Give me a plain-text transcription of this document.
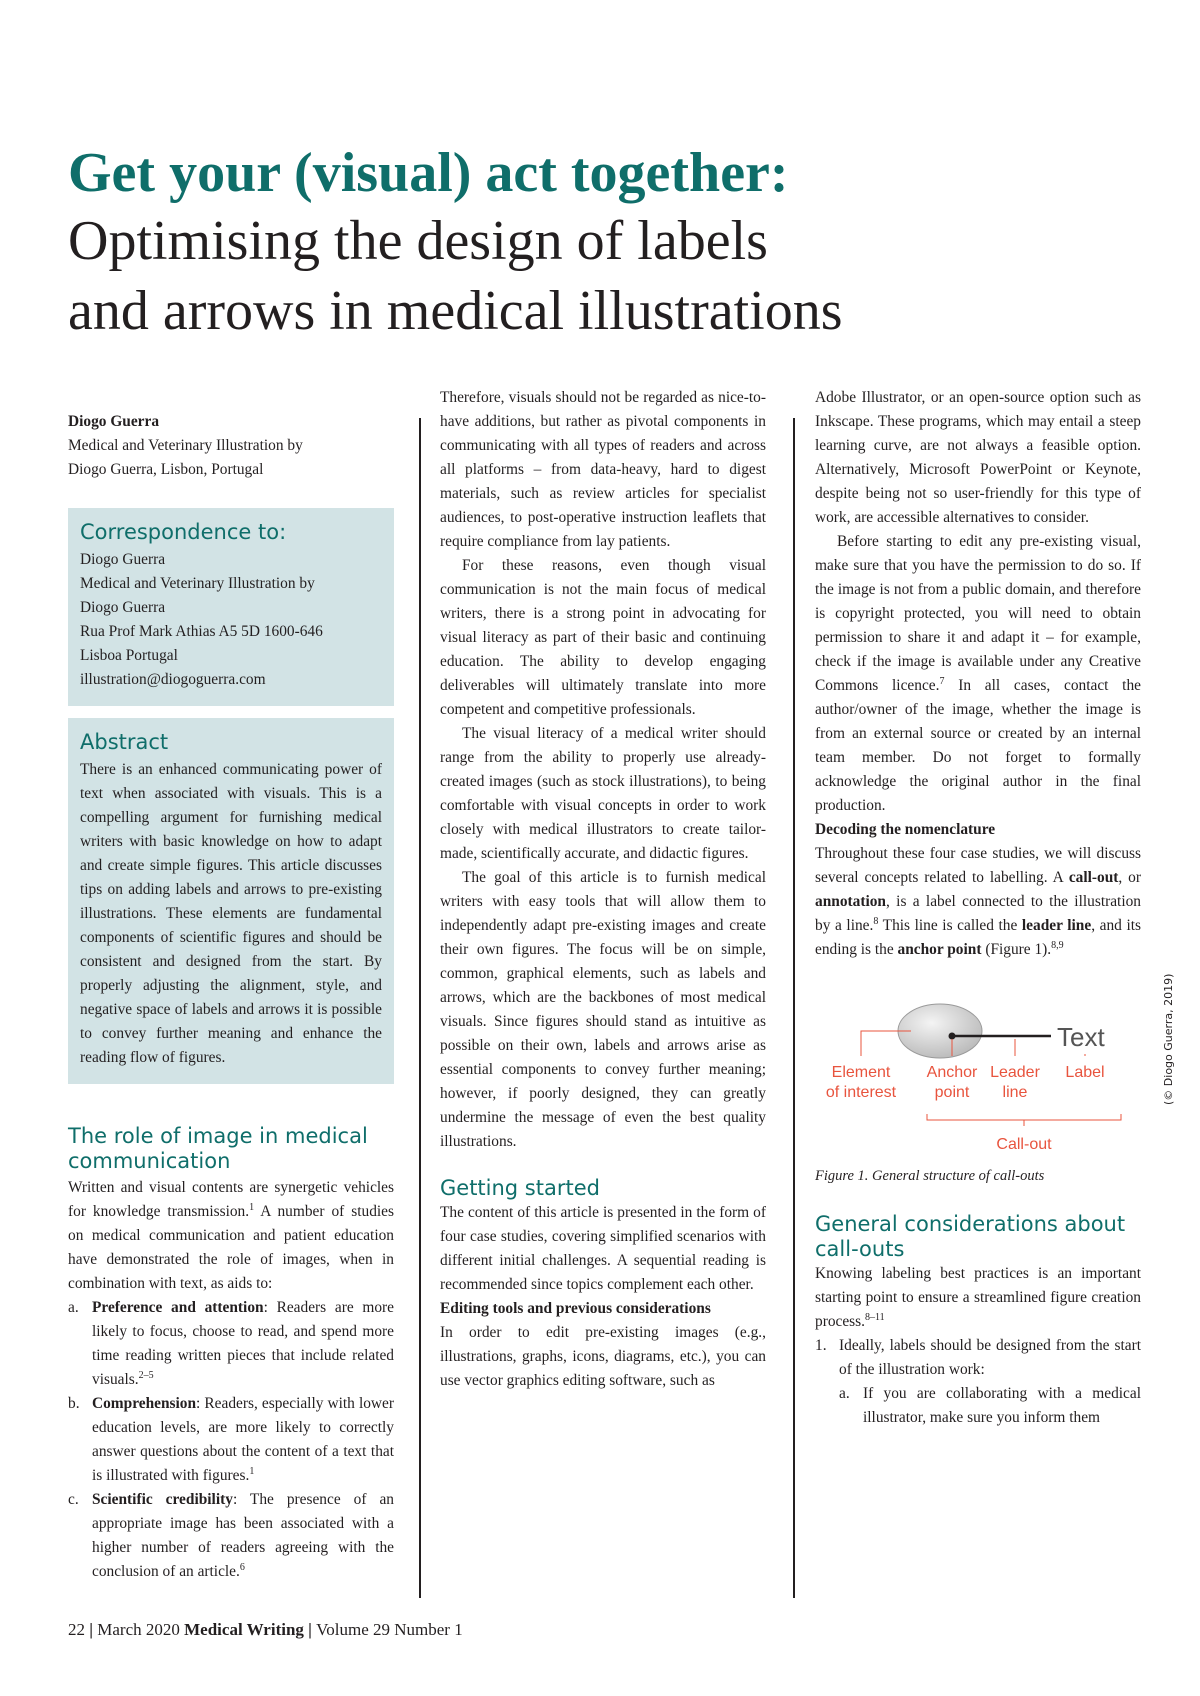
Get your (visual) act together:
Optimising the design of labels
and arrows in medical illustrations

Diogo Guerra

Medical and Veterinary Illustration by

Diogo Guerra, Lisbon, Portugal

Correspondence to:

Diogo Guerra

Medical and Veterinary Illustration by

Diogo Guerra

Rua Prof Mark Athias A5 5D 1600-646

Lisboa Portugal

illustration@diogoguerra.com

Abstract

There is an enhanced communicating power of text when associated with visuals. This is a compelling argument for furnishing medical writers with basic knowledge on how to adapt and create simple figures. This article discusses tips on adding labels and arrows to pre-existing illustrations. These elements are fundamental components of scientific figures and should be consistent and designed from the start. By properly adjusting the alignment, style, and negative space of labels and arrows it is possible to convey further meaning and enhance the reading flow of figures.

The role of image in medical communication

Written and visual contents are synergetic vehicles for knowledge transmission.$^1$ A number of studies on medical communication and patient education have demonstrated the role of images, when in combination with text, as aids to:

a. Preference and attention: Readers are more likely to focus, choose to read, and spend more time reading written pieces that include related visuals.$^{2-5}$
b. Comprehension: Readers, especially with lower education levels, are more likely to correctly answer questions about the content of a text that is illustrated with figures.$^1$
c. Scientific credibility: The presence of an appropriate image has been associated with a higher number of readers agreeing with the conclusion of an article.$^6$

Therefore, visuals should not be regarded as nice-to-have additions, but rather as pivotal components in communicating with all types of readers and across all platforms – from data-heavy, hard to digest materials, such as review articles for specialist audiences, to post-operative instruction leaflets that require compliance from lay patients.

For these reasons, even though visual communication is not the main focus of medical writers, there is a strong point in advocating for visual literacy as part of their basic and continuing education. The ability to develop engaging deliverables will ultimately translate into more competent and competitive professionals.

The visual literacy of a medical writer should range from the ability to properly use already-created images (such as stock illustrations), to being comfortable with visual concepts in order to work closely with medical illustrators to create tailor-made, scientifically accurate, and didactic figures.

The goal of this article is to furnish medical writers with easy tools that will allow them to independently adapt pre-existing images and create their own figures. The focus will be on simple, common, graphical elements, such as labels and arrows, which are the backbones of most medical visuals. Since figures should stand as intuitive as possible on their own, labels and arrows arise as essential components to convey further meaning; however, if poorly designed, they can greatly undermine the message of even the best quality illustrations.

Getting started

The content of this article is presented in the form of four case studies, covering simplified scenarios with different initial challenges. A sequential reading is recommended since topics complement each other.

Editing tools and previous considerations

In order to edit pre-existing images (e.g., illustrations, graphs, icons, diagrams, etc.), you can use vector graphics editing software, such as

Adobe Illustrator, or an open-source option such as Inkscape. These programs, which may entail a steep learning curve, are not always a feasible option. Alternatively, Microsoft PowerPoint or Keynote, despite being not so user-friendly for this type of work, are accessible alternatives to consider.

Before starting to edit any pre-existing visual, make sure that you have the permission to do so. If the image is not from a public domain, and therefore is copyright protected, you will need to obtain permission to share it and adapt it – for example, check if the image is available under any Creative Commons licence.$^7$ In all cases, contact the author/owner of the image, whether the image is from an external source or created by an internal team member. Do not forget to formally acknowledge the original author in the final production.

Decoding the nomenclature

Throughout these four case studies, we will discuss several concepts related to labelling. A call-out, or annotation, is a label connected to the illustration by a line.$^8$ This line is called the leader line, and its ending is the anchor point (Figure 1).$^{8,9}$

Text
Element
of interest
Anchor
point
Leader
line
Label
Call-out

Figure 1. General structure of call-outs

General considerations about call-outs

Knowing labeling best practices is an important starting point to ensure a streamlined figure creation process.$^{8-11}$

1. Ideally, labels should be designed from the start of the illustration work:
a. If you are collaborating with a medical illustrator, make sure you inform them
(© Diogo Guerra, 2019)
22 | March 2020 Medical Writing | Volume 29 Number 1
